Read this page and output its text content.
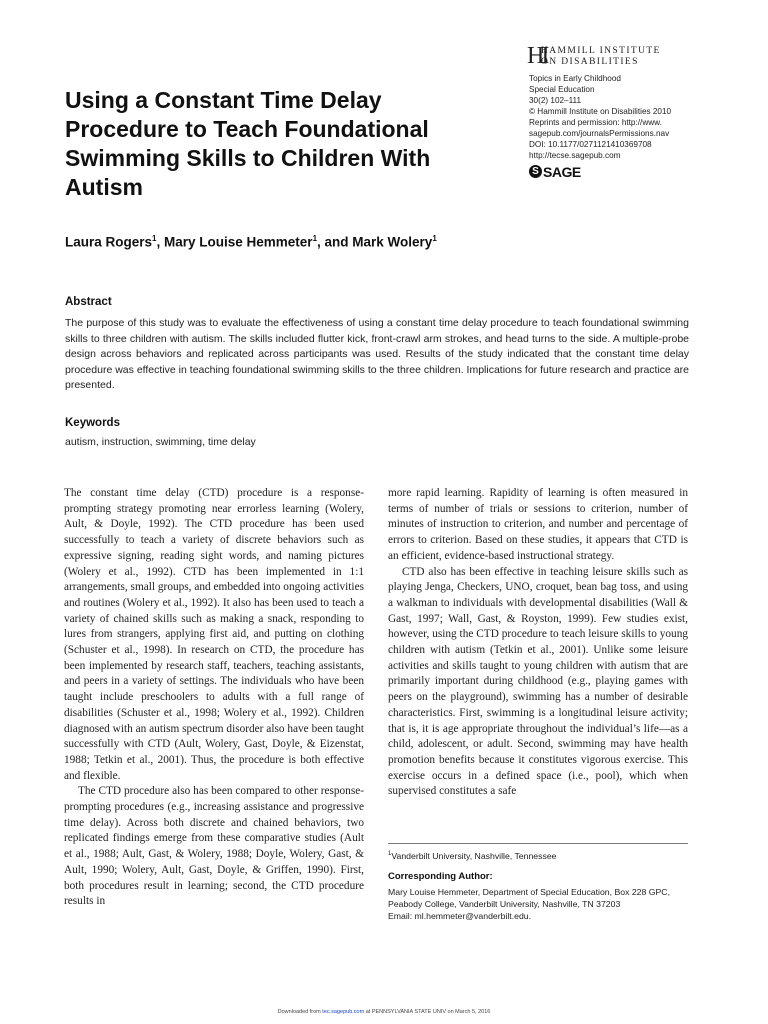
HI
HAMMILL INSTITUTE
ON DISABILITIES
Topics in Early Childhood
Special Education
30(2) 102–111
© Hammill Institute on Disabilities 2010
Reprints and permission: http://www.
sagepub.com/journalsPermissions.nav
DOI: 10.1177/0271121410369708
http://tecse.sagepub.com
S SAGE
Using a Constant Time Delay Procedure to Teach Foundational Swimming Skills to Children With Autism
Laura Rogers$^1$, Mary Louise Hemmeter$^1$, and Mark Wolery$^1$
Abstract
The purpose of this study was to evaluate the effectiveness of using a constant time delay procedure to teach foundational swimming skills to three children with autism. The skills included flutter kick, front-crawl arm strokes, and head turns to the side. A multiple-probe design across behaviors and replicated across participants was used. Results of the study indicated that the constant time delay procedure was effective in teaching foundational swimming skills to the three children. Implications for future research and practice are presented.
Keywords
autism, instruction, swimming, time delay

The constant time delay (CTD) procedure is a response-prompting strategy promoting near errorless learning (Wolery, Ault, & Doyle, 1992). The CTD procedure has been used successfully to teach a variety of discrete behaviors such as expressive signing, reading sight words, and naming pictures (Wolery et al., 1992). CTD has been implemented in 1:1 arrangements, small groups, and embedded into ongoing activities and routines (Wolery et al., 1992). It also has been used to teach a variety of chained skills such as making a snack, responding to lures from strangers, applying first aid, and putting on clothing (Schuster et al., 1998). In research on CTD, the procedure has been implemented by research staff, teachers, teaching assistants, and peers in a variety of settings. The individuals who have been taught include preschoolers to adults with a full range of disabilities (Schuster et al., 1998; Wolery et al., 1992). Children diagnosed with an autism spectrum disorder also have been taught successfully with CTD (Ault, Wolery, Gast, Doyle, & Eizenstat, 1988; Tetkin et al., 2001). Thus, the procedure is both effective and flexible.

The CTD procedure also has been compared to other response-prompting procedures (e.g., increasing assistance and progressive time delay). Across both discrete and chained behaviors, two replicated findings emerge from these comparative studies (Ault et al., 1988; Ault, Gast, & Wolery, 1988; Doyle, Wolery, Gast, & Ault, 1990; Wolery, Ault, Gast, Doyle, & Griffen, 1990). First, both procedures result in learning; second, the CTD procedure results in

more rapid learning. Rapidity of learning is often measured in terms of number of trials or sessions to criterion, number of minutes of instruction to criterion, and number and percentage of errors to criterion. Based on these studies, it appears that CTD is an efficient, evidence-based instructional strategy.

CTD also has been effective in teaching leisure skills such as playing Jenga, Checkers, UNO, croquet, bean bag toss, and using a walkman to individuals with developmental disabilities (Wall & Gast, 1997; Wall, Gast, & Royston, 1999). Few studies exist, however, using the CTD procedure to teach leisure skills to young children with autism (Tetkin et al., 2001). Unlike some leisure activities and skills taught to young children with autism that are primarily important during childhood (e.g., playing games with peers on the playground), swimming has a number of desirable characteristics. First, swimming is a longitudinal leisure activity; that is, it is age appropriate throughout the individual’s life—as a child, adolescent, or adult. Second, swimming may have health promotion benefits because it constitutes vigorous exercise. This exercise occurs in a defined space (i.e., pool), which when supervised constitutes a safe

$^1$Vanderbilt University, Nashville, Tennessee
Corresponding Author:
Mary Louise Hemmeter, Department of Special Education, Box 228 GPC,
Peabody College, Vanderbilt University, Nashville, TN 37203
Email: ml.hemmeter@vanderbilt.edu.
Downloaded from tec.sagepub.com at PENNSYLVANIA STATE UNIV on March 5, 2016
